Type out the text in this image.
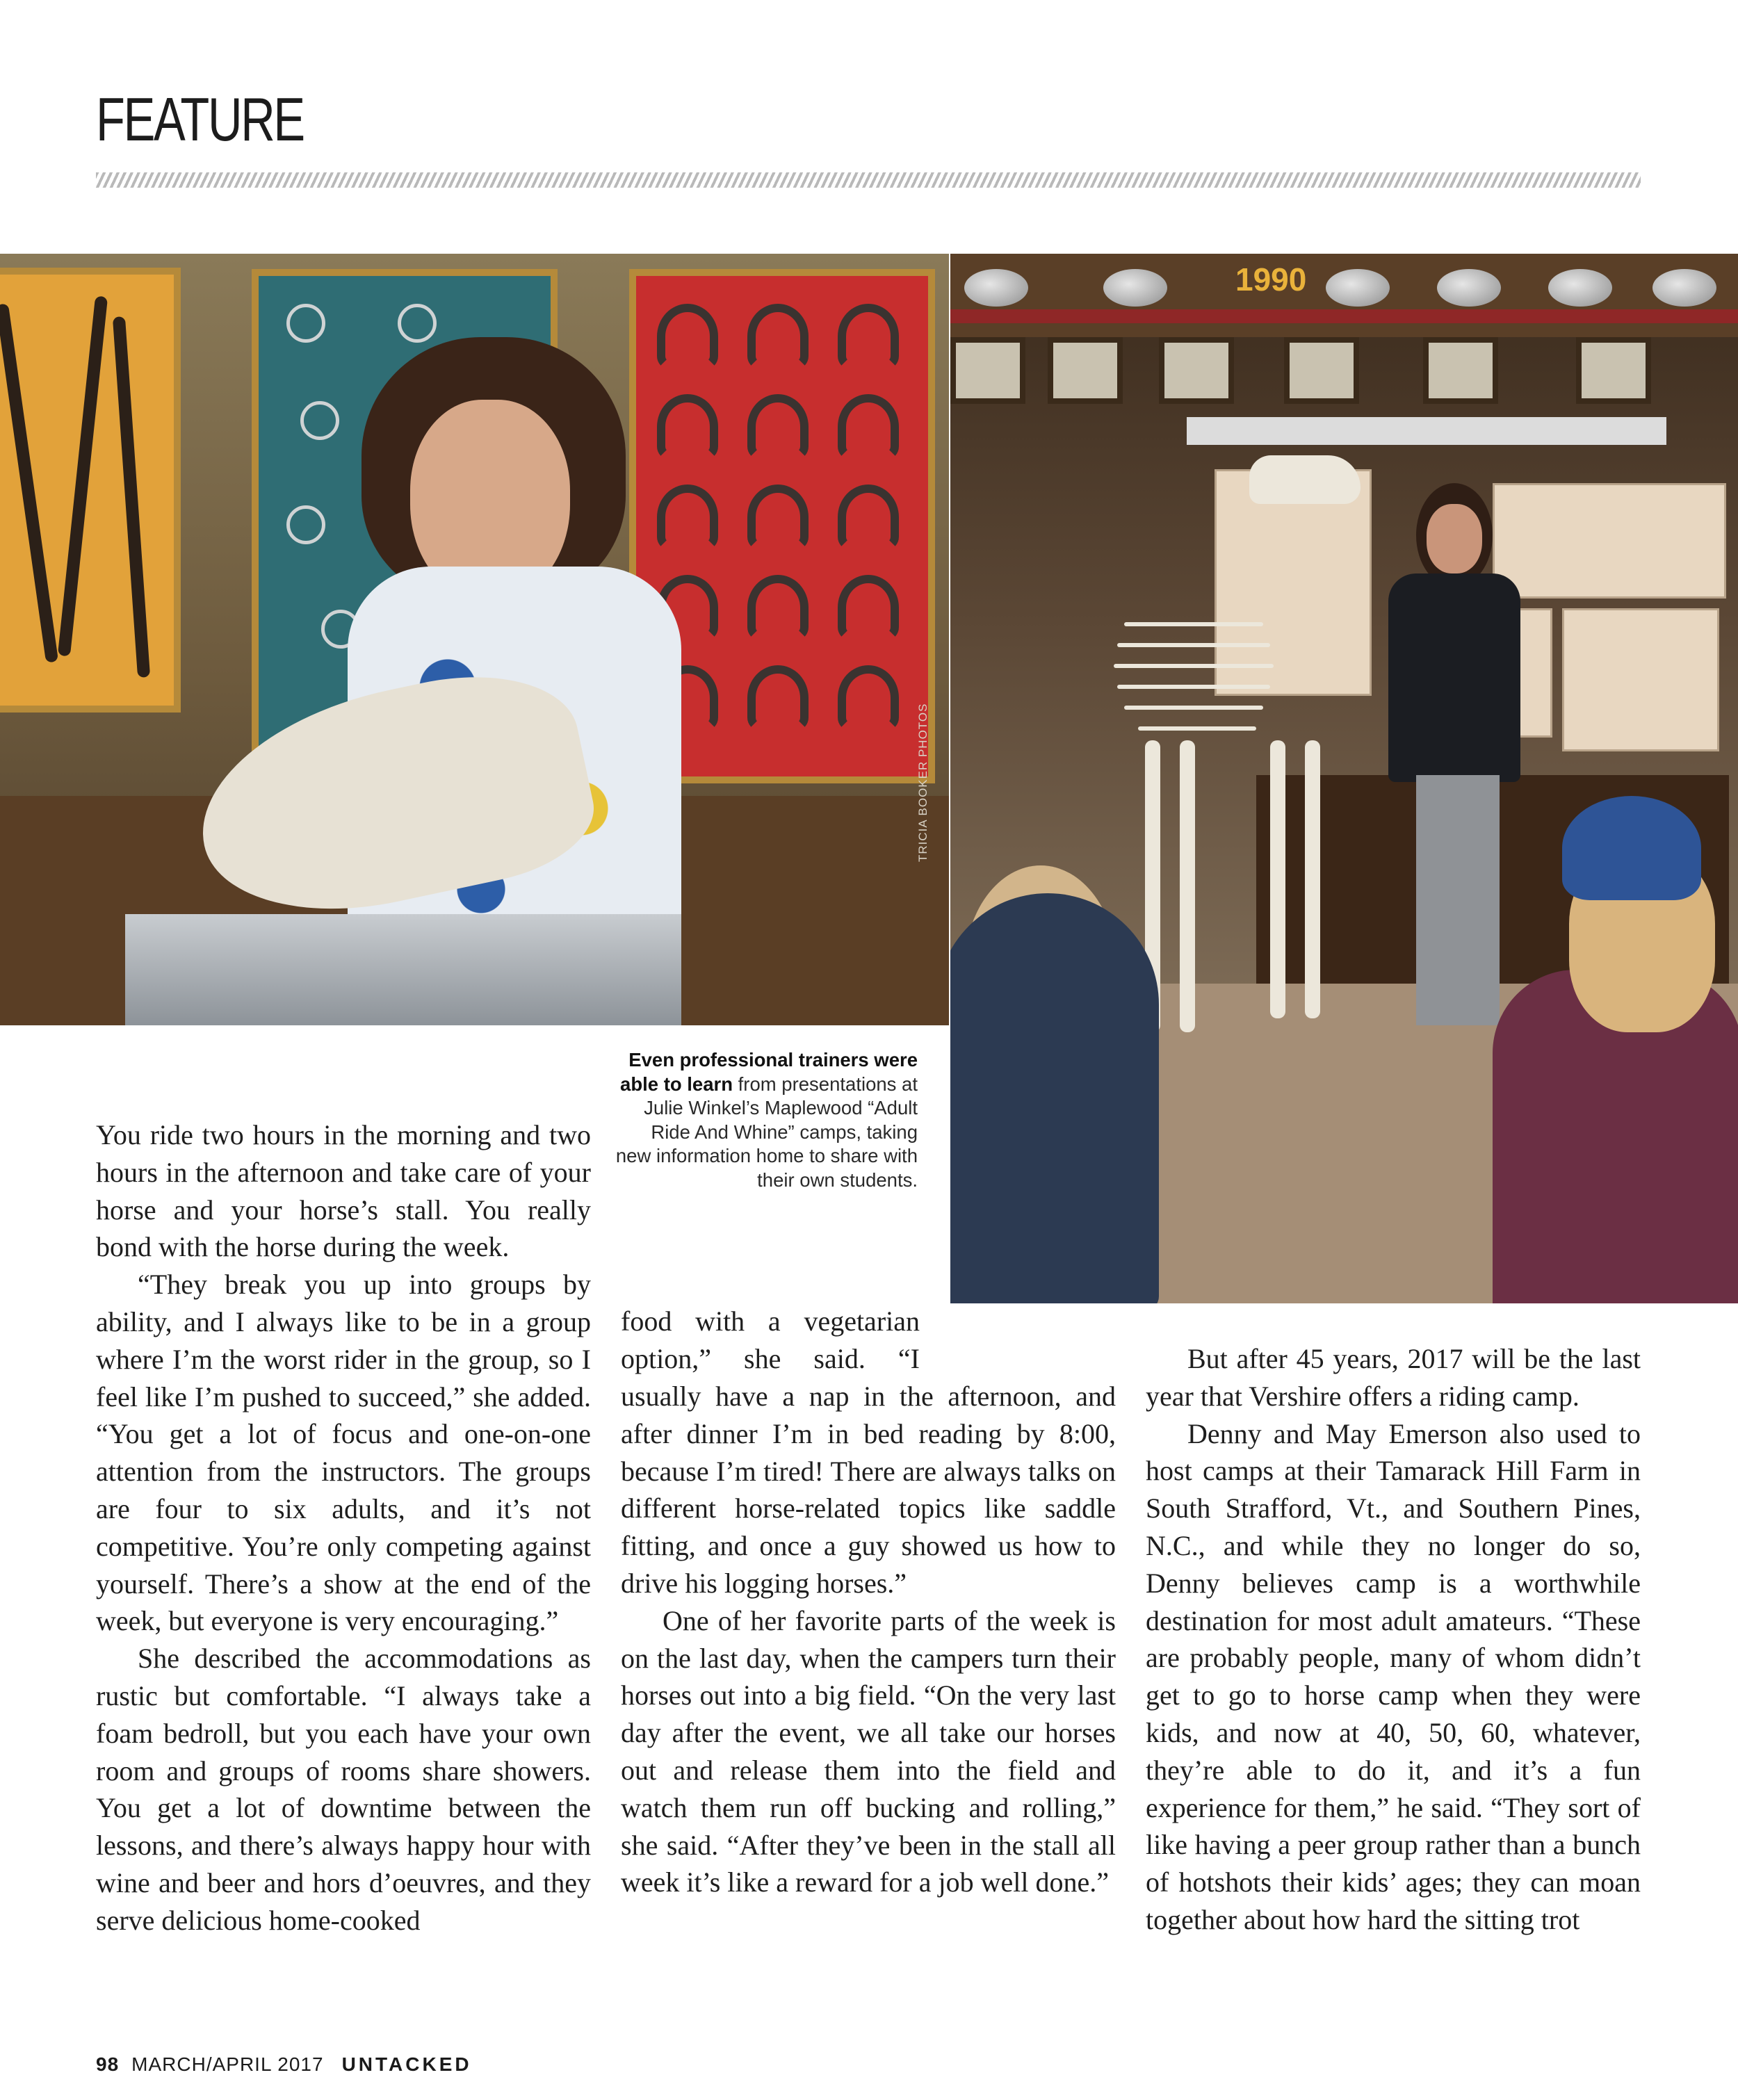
FEATURE
TRICIA BOOKER PHOTOS
1990
Even professional trainers were able to learn from presentations at Julie Winkel’s Maplewood “Adult Ride And Whine” camps, taking new information home to share with their own students.

You ride two hours in the morning and two hours in the afternoon and take care of your horse and your horse’s stall. You really bond with the horse during the week.

“They break you up into groups by ability, and I always like to be in a group where I’m the worst rider in the group, so I feel like I’m pushed to succeed,” she added. “You get a lot of focus and one-on-one attention from the instructors. The groups are four to six adults, and it’s not competitive. You’re only competing against yourself. There’s a show at the end of the week, but everyone is very encouraging.”

She described the accommodations as rustic but comfortable. “I always take a foam bedroll, but you each have your own room and groups of rooms share showers. You get a lot of downtime between the lessons, and there’s always happy hour with wine and beer and hors d’oeuvres, and they serve delicious home-cooked

food with a vegetarian option,” she said. “I

usually have a nap in the afternoon, and after dinner I’m in bed reading by 8:00, because I’m tired! There are always talks on different horse-related topics like saddle fitting, and once a guy showed us how to drive his logging horses.”

One of her favorite parts of the week is on the last day, when the campers turn their horses out into a big field. “On the very last day after the event, we all take our horses out and release them into the field and watch them run off bucking and rolling,” she said. “After they’ve been in the stall all week it’s like a reward for a job well done.”

But after 45 years, 2017 will be the last year that Vershire offers a riding camp.

Denny and May Emerson also used to host camps at their Tamarack Hill Farm in South Strafford, Vt., and Southern Pines, N.C., and while they no longer do so, Denny believes camp is a worthwhile destination for most adult amateurs. “These are probably people, many of whom didn’t get to go to horse camp when they were kids, and now at 40, 50, 60, whatever, they’re able to do it, and it’s a fun experience for them,” he said. “They sort of like having a peer group rather than a bunch of hotshots their kids’ ages; they can moan together about how hard the sitting trot

98 MARCH/APRIL 2017 UNTACKED
